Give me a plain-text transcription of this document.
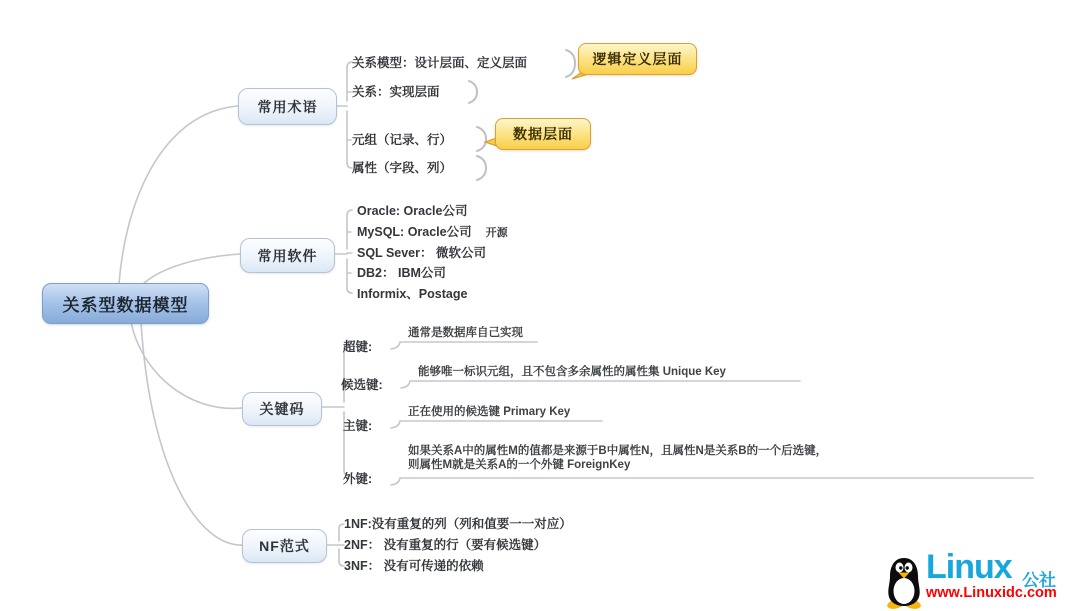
关系型数据模型
常用术语
常用软件
关键码
NF范式
关系模型：设计层面、定义层面
关系：实现层面
元组（记录、行）
属性（字段、列）
逻辑定义层面
数据层面
Oracle: Oracle公司
MySQL: Oracle公司 开源
SQL Sever： 微软公司
DB2： IBM公司
Informix、Postage
超键:
通常是数据库自己实现
候选键:
能够唯一标识元组，且不包含多余属性的属性集 Unique Key
主键:
正在使用的候选键 Primary Key
外键:
如果关系A中的属性M的值都是来源于B中属性N，且属性N是关系B的一个后选键，
则属性M就是关系A的一个外键 ForeignKey
1NF:没有重复的列（列和值要一一对应）
2NF： 没有重复的行（要有候选键）
3NF： 没有可传递的依赖	Linux 公社
www.Linuxidc.com
